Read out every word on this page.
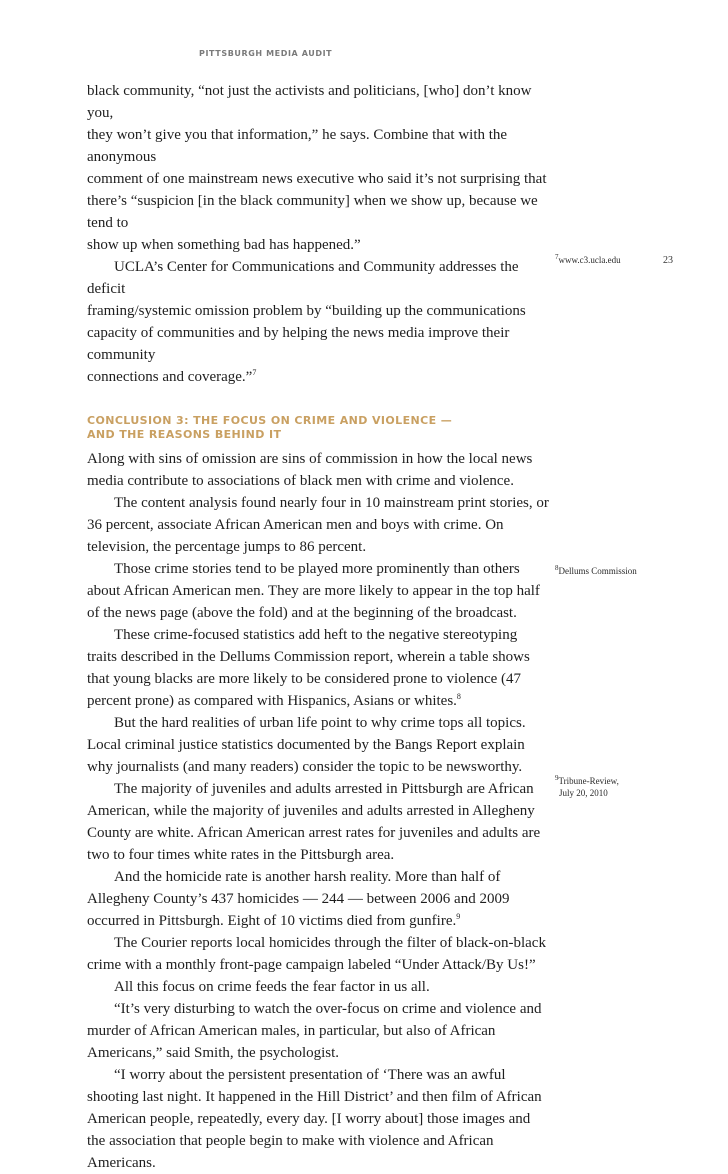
PITTSBURGH MEDIA AUDIT
23

black community, “not just the activists and politicians, [who] don’t know you,
they won’t give you that information,” he says. Combine that with the anonymous
comment of one mainstream news executive who said it’s not surprising that
there’s “suspicion [in the black community] when we show up, because we tend to
show up when something bad has happened.”

UCLA’s Center for Communications and Community addresses the deficit
framing/systemic omission problem by “building up the communications
capacity of communities and by helping the news media improve their community
connections and coverage.”$^7$

CONCLUSION 3: THE FOCUS ON CRIME AND VIOLENCE —
AND THE REASONS BEHIND IT

Along with sins of omission are sins of commission in how the local news media contribute to associations of black men with crime and violence.

The content analysis found nearly four in 10 mainstream print stories, or 36 percent, associate African American men and boys with crime. On television, the percentage jumps to 86 percent.

Those crime stories tend to be played more prominently than others about African American men. They are more likely to appear in the top half of the news page (above the fold) and at the beginning of the broadcast.

These crime-focused statistics add heft to the negative stereotyping traits described in the Dellums Commission report, wherein a table shows that young blacks are more likely to be considered prone to violence (47 percent prone) as compared with Hispanics, Asians or whites.$^8$

But the hard realities of urban life point to why crime tops all topics. Local criminal justice statistics documented by the Bangs Report explain why journalists (and many readers) consider the topic to be newsworthy.

The majority of juveniles and adults arrested in Pittsburgh are African American, while the majority of juveniles and adults arrested in Allegheny County are white. African American arrest rates for juveniles and adults are two to four times white rates in the Pittsburgh area.

And the homicide rate is another harsh reality. More than half of Allegheny County’s 437 homicides — 244 — between 2006 and 2009 occurred in Pittsburgh. Eight of 10 victims died from gunfire.$^9$

The Courier reports local homicides through the filter of black-on-black crime with a monthly front-page campaign labeled “Under Attack/By Us!”

All this focus on crime feeds the fear factor in us all.

“It’s very disturbing to watch the over-focus on crime and violence and murder of African American males, in particular, but also of African Americans,” said Smith, the psychologist.

“I worry about the persistent presentation of ‘There was an awful shooting last night. It happened in the Hill District’ and then film of African American people, repeatedly, every day. [I worry about] those images and the association that people begin to make with violence and African Americans.

$^7$www.c3.ucla.edu
$^8$Dellums Commission
$^9$Tribune-Review,
July 20, 2010
